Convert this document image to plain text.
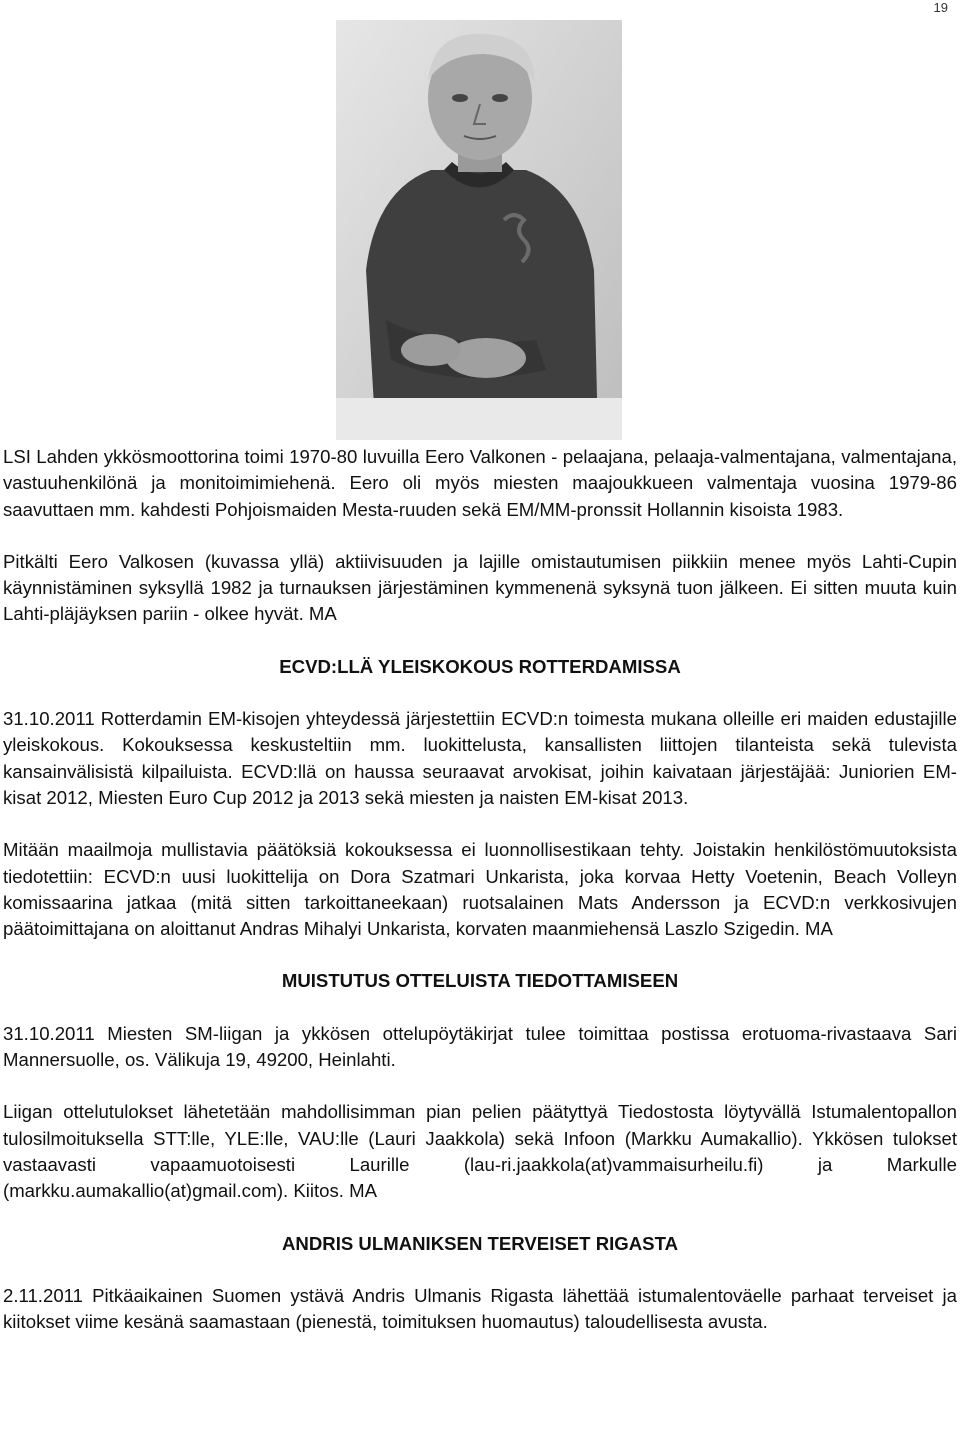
19

LSI Lahden ykkösmoottorina toimi 1970-80 luvuilla Eero Valkonen - pelaajana, pelaaja-valmentajana, valmentajana, vastuuhenkilönä ja monitoimimiehenä. Eero oli myös miesten maajoukkueen valmentaja vuosina 1979-86 saavuttaen mm. kahdesti Pohjoismaiden Mesta-ruuden sekä EM/MM-pronssit Hollannin kisoista 1983.

Pitkälti Eero Valkosen (kuvassa yllä) aktiivisuuden ja lajille omistautumisen piikkiin menee myös Lahti-Cupin käynnistäminen syksyllä 1982 ja turnauksen järjestäminen kymmenenä syksynä tuon jälkeen. Ei sitten muuta kuin Lahti-pläjäyksen pariin - olkee hyvät. MA

ECVD:LLÄ YLEISKOKOUS ROTTERDAMISSA

31.10.2011 Rotterdamin EM-kisojen yhteydessä järjestettiin ECVD:n toimesta mukana olleille eri maiden edustajille yleiskokous. Kokouksessa keskusteltiin mm. luokittelusta, kansallisten liittojen tilanteista sekä tulevista kansainvälisistä kilpailuista. ECVD:llä on haussa seuraavat arvokisat, joihin kaivataan järjestäjää: Juniorien EM-kisat 2012, Miesten Euro Cup 2012 ja 2013 sekä miesten ja naisten EM-kisat 2013.

Mitään maailmoja mullistavia päätöksiä kokouksessa ei luonnollisestikaan tehty. Joistakin henkilöstömuutoksista tiedotettiin: ECVD:n uusi luokittelija on Dora Szatmari Unkarista, joka korvaa Hetty Voetenin, Beach Volleyn komissaarina jatkaa (mitä sitten tarkoittaneekaan) ruotsalainen Mats Andersson ja ECVD:n verkkosivujen päätoimittajana on aloittanut Andras Mihalyi Unkarista, korvaten maanmiehensä Laszlo Szigedin. MA

MUISTUTUS OTTELUISTA TIEDOTTAMISEEN

31.10.2011 Miesten SM-liigan ja ykkösen ottelupöytäkirjat tulee toimittaa postissa erotuoma-rivastaava Sari Mannersuolle, os. Välikuja 19, 49200, Heinlahti.

Liigan ottelutulokset lähetetään mahdollisimman pian pelien päätyttyä Tiedostosta löytyvällä Istumalentopallon tulosilmoituksella STT:lle, YLE:lle, VAU:lle (Lauri Jaakkola) sekä Infoon (Markku Aumakallio). Ykkösen tulokset vastaavasti vapaamuotoisesti Laurille (lau-ri.jaakkola(at)vammaisurheilu.fi) ja Markulle (markku.aumakallio(at)gmail.com). Kiitos. MA

ANDRIS ULMANIKSEN TERVEISET RIGASTA

2.11.2011 Pitkäaikainen Suomen ystävä Andris Ulmanis Rigasta lähettää istumalentoväelle parhaat terveiset ja kiitokset viime kesänä saamastaan (pienestä, toimituksen huomautus) taloudellisesta avusta.
